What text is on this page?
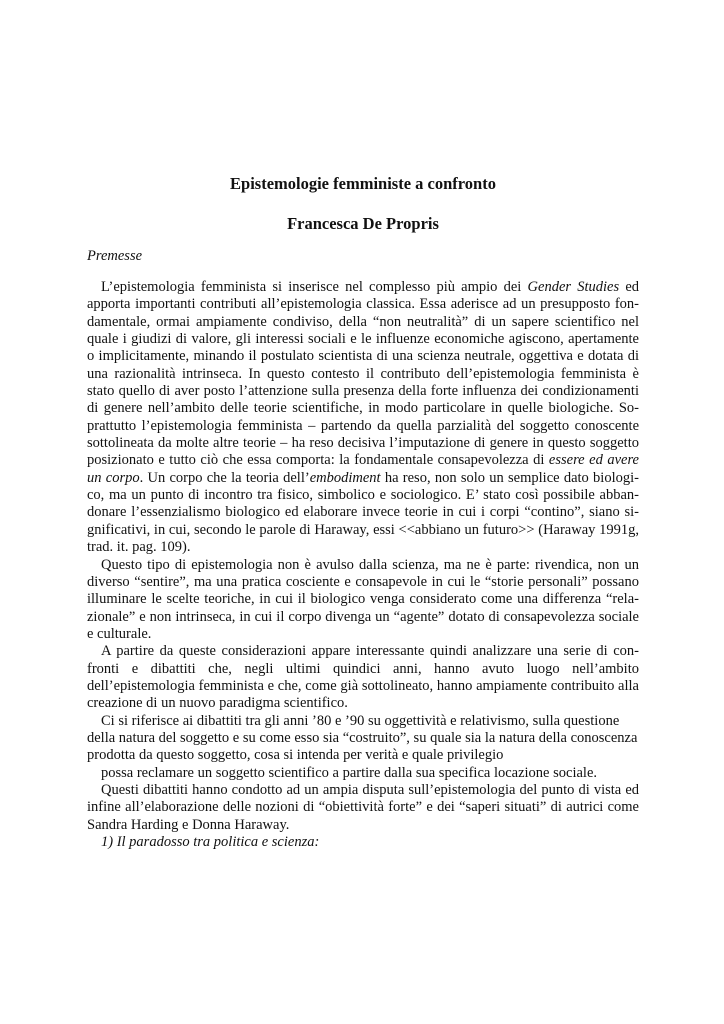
Epistemologie femministe a confronto
Francesca De Propris

Premesse

L’epistemologia femminista si inserisce nel complesso più ampio dei Gender Studies ed apporta importanti contributi all’epistemologia classica. Essa aderisce ad un presupposto fondamentale, ormai ampiamente condiviso, della “non neutralità” di un sapere scientifico nel quale i giudizi di valore, gli interessi sociali e le influenze economiche agiscono, apertamente o implicitamente, minando il postulato scientista di una scienza neutrale, oggettiva e dotata di una razionalità intrinseca. In questo contesto il contributo dell’epistemologia femminista è stato quello di aver posto l’attenzione sulla presenza della forte influenza dei condizionamenti di genere nell’ambito delle teorie scientifiche, in modo particolare in quelle biologiche. Soprattutto l’epistemologia femminista – partendo da quella parzialità del soggetto conoscente sottolineata da molte altre teorie – ha reso decisiva l’imputazione di genere in questo soggetto posizionato e tutto ciò che essa comporta: la fondamentale consapevolezza di essere ed avere un corpo. Un corpo che la teoria dell’embodiment ha reso, non solo un semplice dato biologico, ma un punto di incontro tra fisico, simbolico e sociologico. E’ stato così possibile abbandonare l’essenzialismo biologico ed elaborare invece teorie in cui i corpi “contino”, siano significativi, in cui, secondo le parole di Haraway, essi <<abbiano un futuro>> (Haraway 1991g, trad. it. pag. 109).

Questo tipo di epistemologia non è avulso dalla scienza, ma ne è parte: rivendica, non un diverso “sentire”, ma una pratica cosciente e consapevole in cui le “storie personali” possano illuminare le scelte teoriche, in cui il biologico venga considerato come una differenza “relazionale” e non intrinseca, in cui il corpo divenga un “agente” dotato di consapevolezza sociale e culturale.

A partire da queste considerazioni appare interessante quindi analizzare una serie di confronti e dibattiti che, negli ultimi quindici anni, hanno avuto luogo nell’ambito dell’epistemologia femminista e che, come già sottolineato, hanno ampiamente contribuito alla creazione di un nuovo paradigma scientifico.

Ci si riferisce ai dibattiti tra gli anni ’80 e ’90 su oggettività e relativismo, sulla questione della natura del soggetto e su come esso sia “costruito”, su quale sia la natura della conoscenza prodotta da questo soggetto, cosa si intenda per verità e quale privilegio

possa reclamare un soggetto scientifico a partire dalla sua specifica locazione sociale.

Questi dibattiti hanno condotto ad un ampia disputa sull’epistemologia del punto di vista ed infine all’elaborazione delle nozioni di “obiettività forte” e dei “saperi situati” di autrici come Sandra Harding e Donna Haraway.

1) Il paradosso tra politica e scienza:
